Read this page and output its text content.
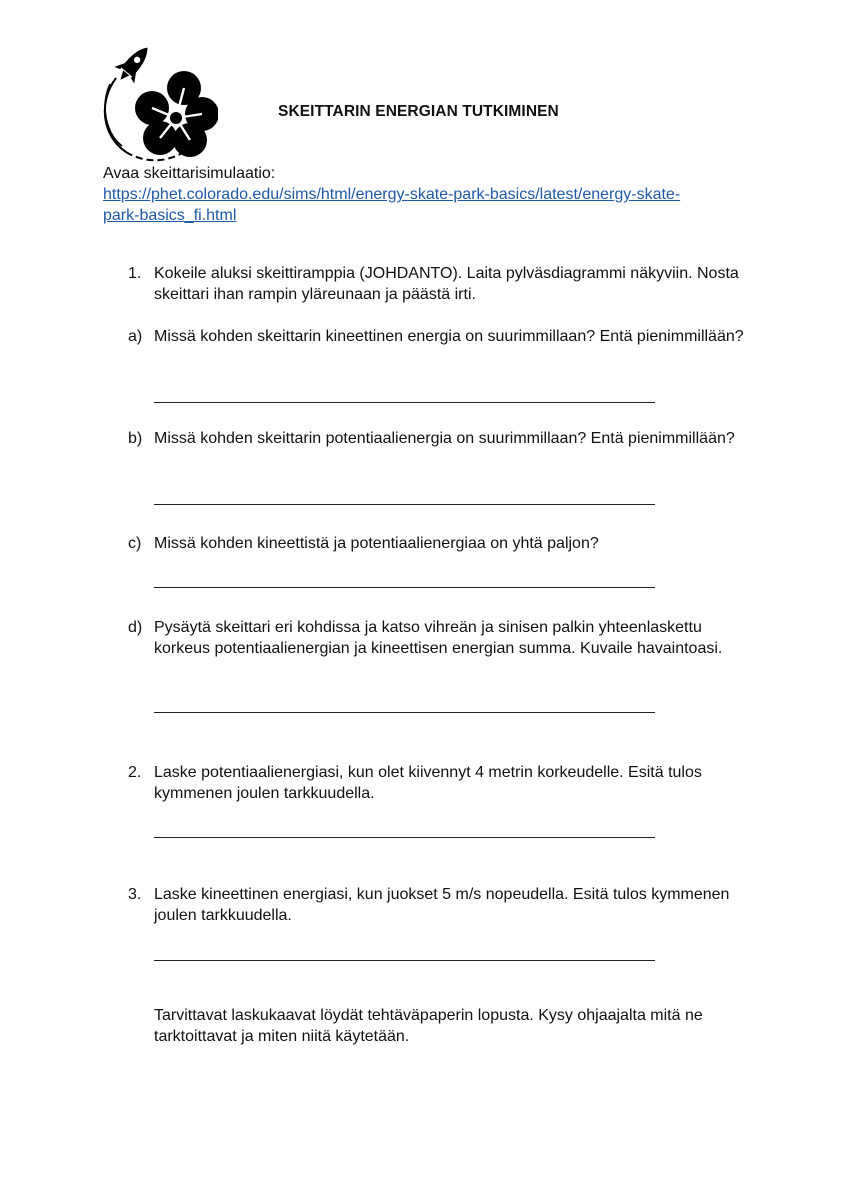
SKEITTARIN ENERGIAN TUTKIMINEN
Avaa skeittarisimulaatio:
https://phet.colorado.edu/sims/html/energy-skate-park-basics/latest/energy-skate-
park-basics_fi.html
1. Kokeile aluksi skeittiramppia (JOHDANTO). Laita pylväsdiagrammi näkyviin. Nosta skeittari ihan rampin yläreunaan ja päästä irti.
a) Missä kohden skeittarin kineettinen energia on suurimmillaan? Entä pienimmillään?
b) Missä kohden skeittarin potentiaalienergia on suurimmillaan? Entä pienimmillään?
c) Missä kohden kineettistä ja potentiaalienergiaa on yhtä paljon?
d) Pysäytä skeittari eri kohdissa ja katso vihreän ja sinisen palkin yhteenlaskettu korkeus potentiaalienergian ja kineettisen energian summa. Kuvaile havaintoasi.
2. Laske potentiaalienergiasi, kun olet kiivennyt 4 metrin korkeudelle. Esitä tulos kymmenen joulen tarkkuudella.
3. Laske kineettinen energiasi, kun juokset 5 m/s nopeudella. Esitä tulos kymmenen joulen tarkkuudella.
Tarvittavat laskukaavat löydät tehtäväpaperin lopusta. Kysy ohjaajalta mitä ne tarktoittavat ja miten niitä käytetään.
